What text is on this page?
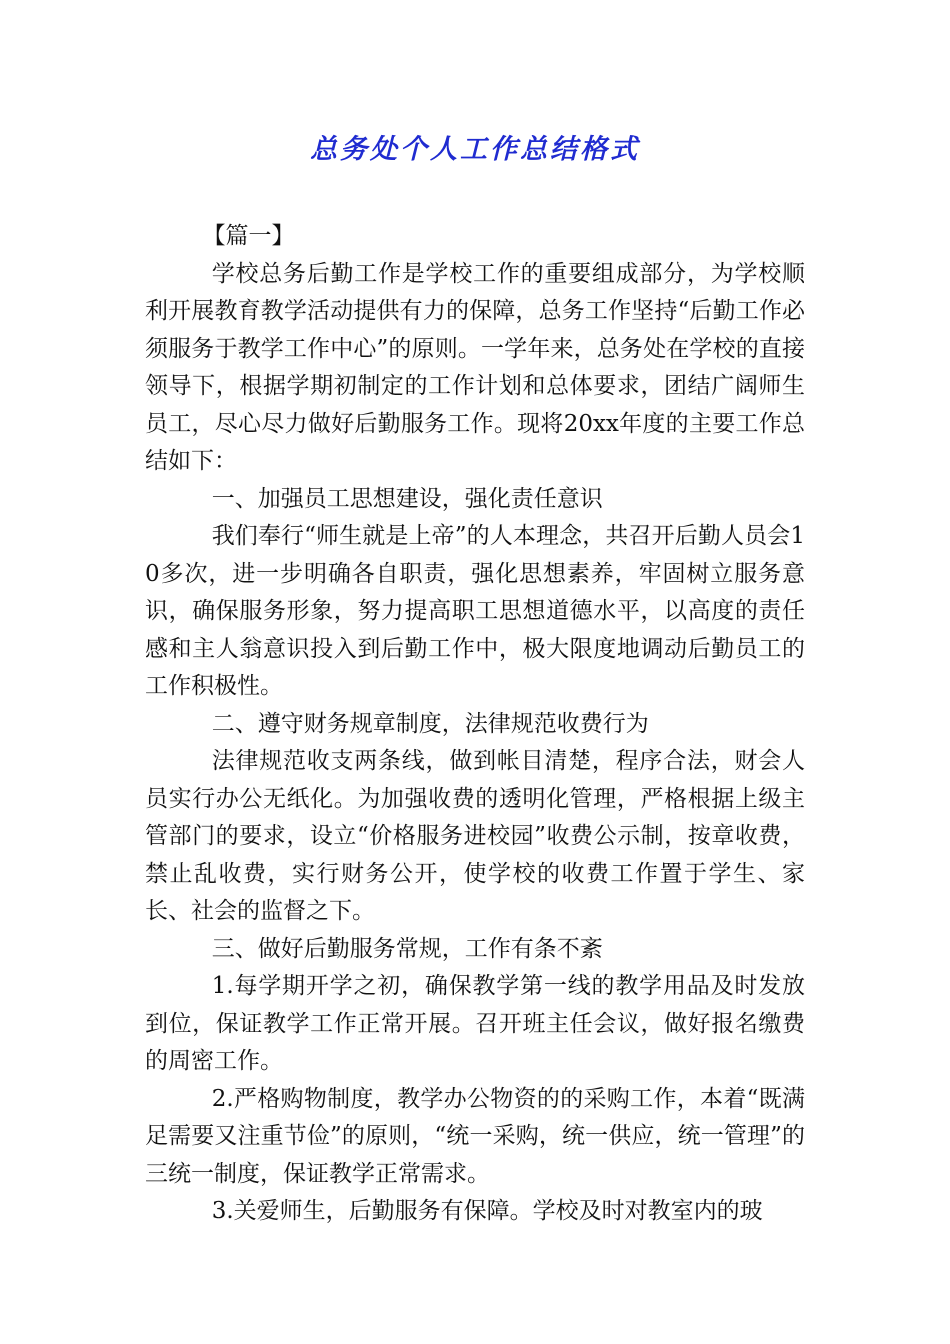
总务处个人工作总结格式

【篇一】

学校总务后勤工作是学校工作的重要组成部分，为学校顺利开展教育教学活动提供有力的保障，总务工作坚持“后勤工作必须服务于教学工作中心”的原则。一学年来，总务处在学校的直接领导下，根据学期初制定的工作计划和总体要求，团结广阔师生员工，尽心尽力做好后勤服务工作。现将20xx年度的主要工作总结如下：

一、加强员工思想建设，强化责任意识

我们奉行“师生就是上帝”的人本理念，共召开后勤人员会10多次，进一步明确各自职责，强化思想素养，牢固树立服务意识，确保服务形象，努力提高职工思想道德水平，以高度的责任感和主人翁意识投入到后勤工作中，极大限度地调动后勤员工的工作积极性。

二、遵守财务规章制度，法律规范收费行为

法律规范收支两条线，做到帐目清楚，程序合法，财会人员实行办公无纸化。为加强收费的透明化管理，严格根据上级主管部门的要求，设立“价格服务进校园”收费公示制，按章收费，禁止乱收费，实行财务公开，使学校的收费工作置于学生、家长、社会的监督之下。

三、做好后勤服务常规，工作有条不紊

1.每学期开学之初，确保教学第一线的教学用品及时发放到位，保证教学工作正常开展。召开班主任会议，做好报名缴费的周密工作。

2.严格购物制度，教学办公物资的的采购工作，本着“既满足需要又注重节俭”的原则，“统一采购，统一供应，统一管理”的三统一制度，保证教学正常需求。

3.关爱师生，后勤服务有保障。学校及时对教室内的玻
